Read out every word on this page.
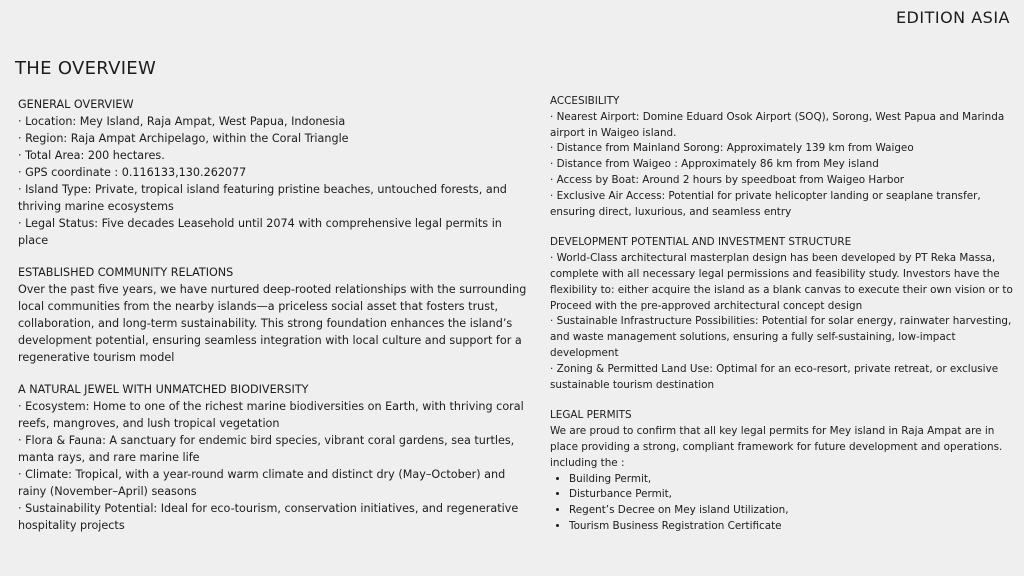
EDITION ASIA
THE OVERVIEW
GENERAL OVERVIEW
· Location: Mey Island, Raja Ampat, West Papua, Indonesia
· Region: Raja Ampat Archipelago, within the Coral Triangle
· Total Area: 200 hectares.
· GPS coordinate : 0.116133,130.262077
· Island Type: Private, tropical island featuring pristine beaches, untouched forests, and thriving marine ecosystems
· Legal Status: Five decades Leasehold until 2074 with comprehensive legal permits in place
ESTABLISHED COMMUNITY RELATIONS
Over the past five years, we have nurtured deep-rooted relationships with the surrounding local communities from the nearby islands—a priceless social asset that fosters trust, collaboration, and long-term sustainability. This strong foundation enhances the island’s development potential, ensuring seamless integration with local culture and support for a regenerative tourism model
A NATURAL JEWEL WITH UNMATCHED BIODIVERSITY
· Ecosystem: Home to one of the richest marine biodiversities on Earth, with thriving coral reefs, mangroves, and lush tropical vegetation
· Flora & Fauna: A sanctuary for endemic bird species, vibrant coral gardens, sea turtles, manta rays, and rare marine life
· Climate: Tropical, with a year-round warm climate and distinct dry (May–October) and rainy (November–April) seasons
· Sustainability Potential: Ideal for eco-tourism, conservation initiatives, and regenerative hospitality projects
ACCESIBILITY
· Nearest Airport: Domine Eduard Osok Airport (SOQ), Sorong, West Papua and Marinda airport in Waigeo island.
· Distance from Mainland Sorong: Approximately 139 km from Waigeo
· Distance from Waigeo : Approximately 86 km from Mey island
· Access by Boat: Around 2 hours by speedboat from Waigeo Harbor
· Exclusive Air Access: Potential for private helicopter landing or seaplane transfer, ensuring direct, luxurious, and seamless entry
DEVELOPMENT POTENTIAL AND INVESTMENT STRUCTURE
· World-Class architectural masterplan design has been developed by PT Reka Massa, complete with all necessary legal permissions and feasibility study. Investors have the flexibility to: either acquire the island as a blank canvas to execute their own vision or to Proceed with the pre-approved architectural concept design
· Sustainable Infrastructure Possibilities: Potential for solar energy, rainwater harvesting, and waste management solutions, ensuring a fully self-sustaining, low-impact development
· Zoning & Permitted Land Use: Optimal for an eco-resort, private retreat, or exclusive sustainable tourism destination
LEGAL PERMITS
We are proud to confirm that all key legal permits for Mey island in Raja Ampat are in place providing a strong, compliant framework for future development and operations. including the :
• Building Permit,
• Disturbance Permit,
• Regent’s Decree on Mey island Utilization,
• Tourism Business Registration Certificate
